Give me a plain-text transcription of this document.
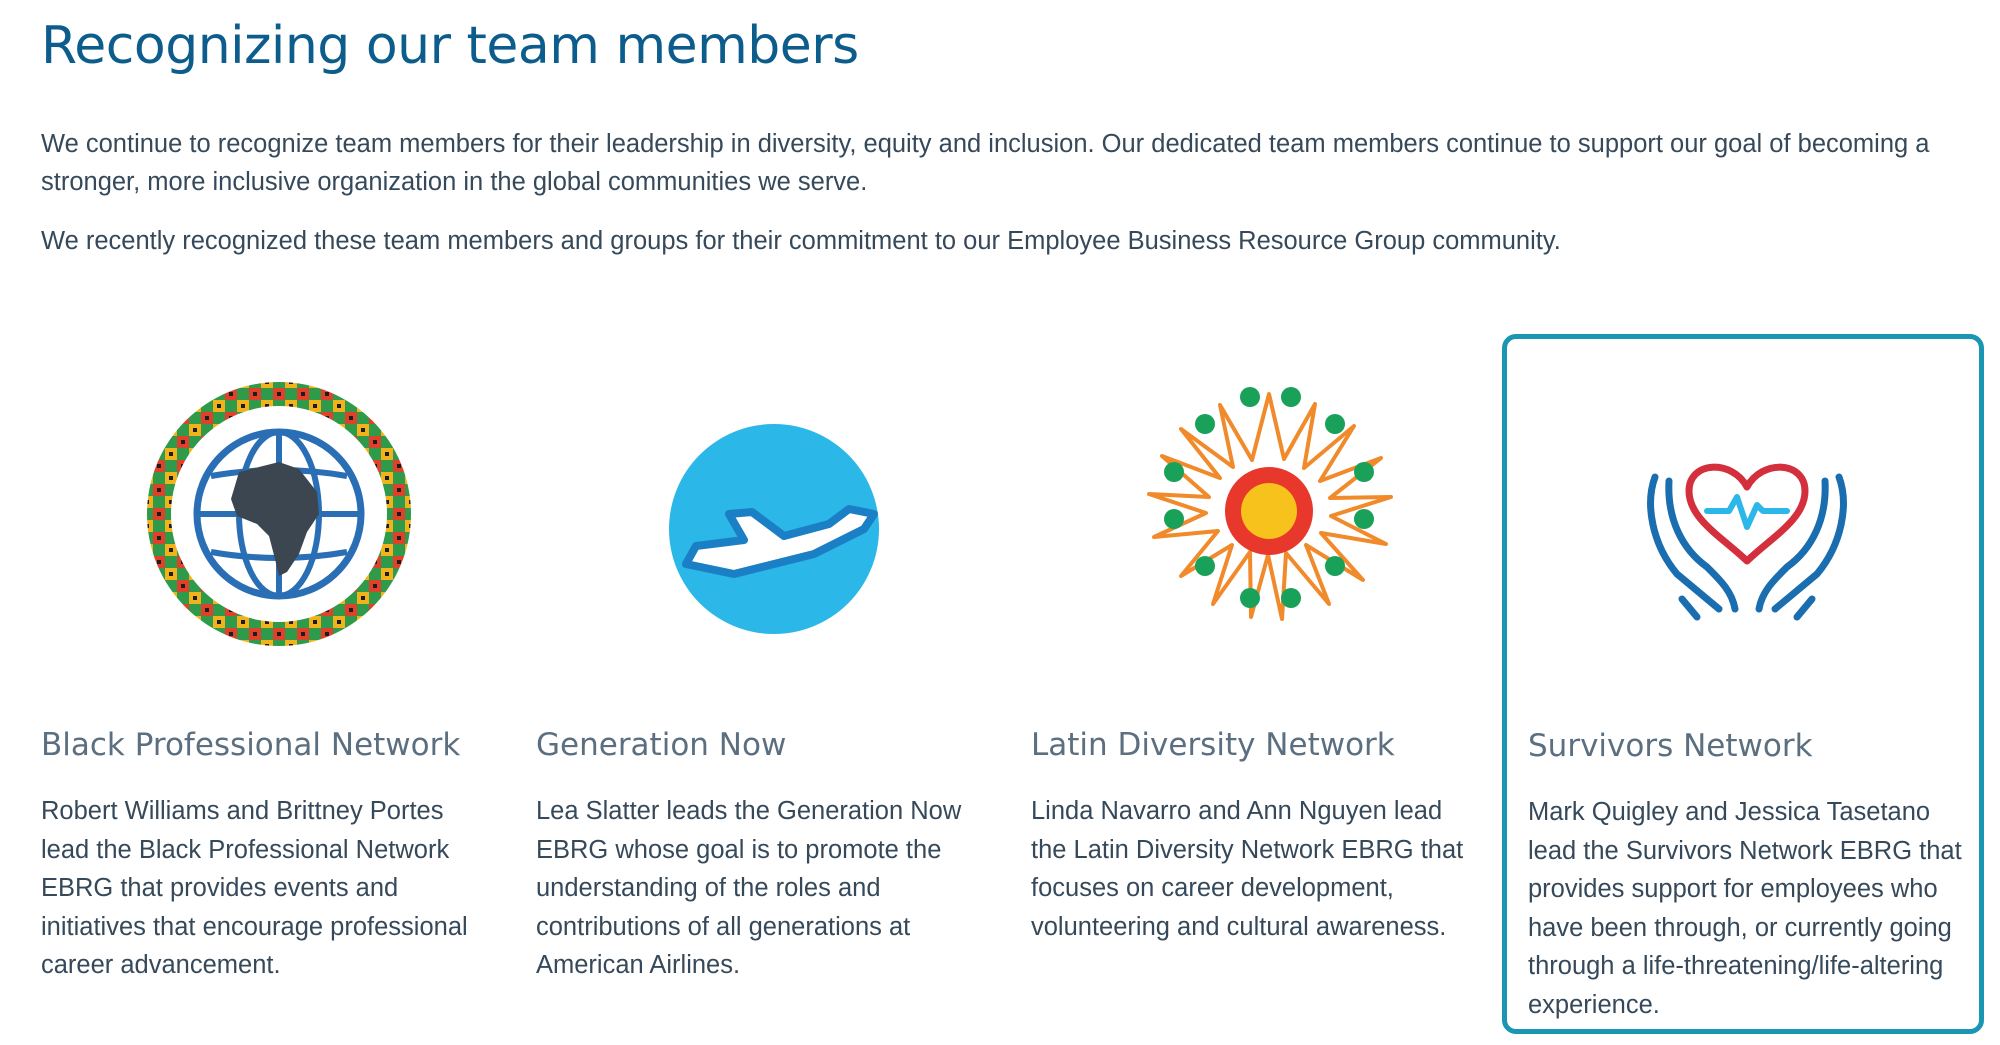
Recognizing our team members

We continue to recognize team members for their leadership in diversity, equity and inclusion. Our dedicated team members continue to support our goal of becoming a stronger, more inclusive organization in the global communities we serve.

We recently recognized these team members and groups for their commitment to our Employee Business Resource Group community.

Black Professional Network

Robert Williams and Brittney Portes lead the Black Professional Network EBRG that provides events and initiatives that encourage professional career advancement.

Generation Now

Lea Slatter leads the Generation Now EBRG whose goal is to promote the understanding of the roles and contributions of all generations at American Airlines.

Latin Diversity Network

Linda Navarro and Ann Nguyen lead the Latin Diversity Network EBRG that focuses on career development, volunteering and cultural awareness.

Survivors Network

Mark Quigley and Jessica Tasetano lead the Survivors Network EBRG that provides support for employees who have been through, or currently going through a life-threatening/life-altering experience.
